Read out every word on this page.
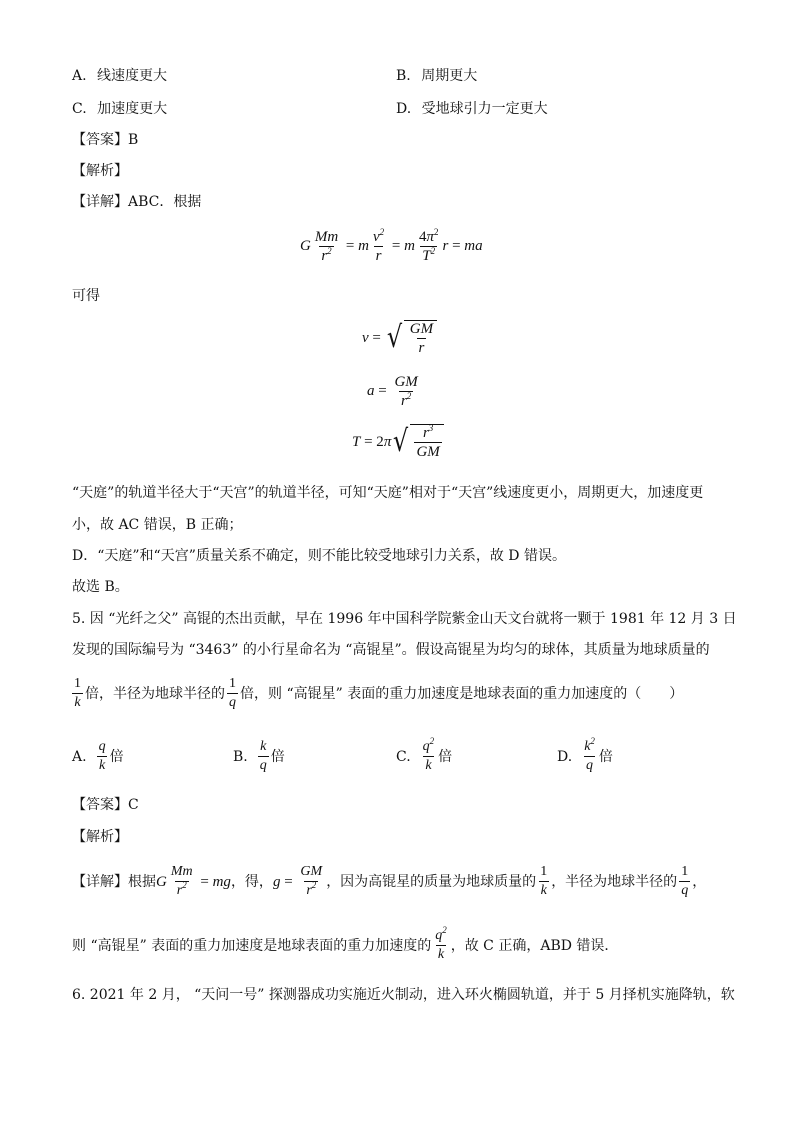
A. 线速度更大	B. 周期更大
C. 加速度更大	D. 受地球引力一定更大
【答案】B
【解析】
【详解】ABC．根据
G $\frac{Mm}{r^2} = m \frac{v^2}{r} = m \frac{4\pi^2}{T^2}$ r = ma
可得
v = √ $\frac{GM}{r}$
$a = \frac{GM}{r^2}$
T = 2 π √ $\frac{r^3}{GM}$
“天庭”的轨道半径大于“天宫”的轨道半径，可知“天庭”相对于“天宫”线速度更小，周期更大，加速度更
小，故 AC 错误，B 正确；
D．“天庭”和“天宫”质量关系不确定，则不能比较受地球引力关系，故 D 错误。
故选 B。
5. 因 “光纤之父” 高锟的杰出贡献，早在 1996 年中国科学院紫金山天文台就将一颗于 1981 年 12 月 3 日
发现的国际编号为 “3463” 的小行星命名为 “高锟星”。假设高锟星为均匀的球体，其质量为地球质量的
$\frac{1}{k}$ 倍，半径为地球半径的 $\frac{1}{q}$ 倍，则 “高锟星” 表面的重力加速度是地球表面的重力加速度的（　　）
A. $\frac{q}{k}$ 倍	B. $\frac{k}{q}$ 倍	C. $\frac{q^2}{k}$ 倍	D. $\frac{k^2}{q}$ 倍
【答案】C
【解析】
【详解】根据 G $\frac{Mm}{r^2}$ = mg ，得， $g = \frac{GM}{r^2}$ ，因为高锟星的质量为地球质量的 $\frac{1}{k}$ ，半径为地球半径的 $\frac{1}{q}$ ，
则 “高锟星” 表面的重力加速度是地球表面的重力加速度的 $\frac{q^2}{k}$ ，故 C 正确，ABD 错误．
6. 2021 年 2 月， “天问一号” 探测器成功实施近火制动，进入环火椭圆轨道，并于 5 月择机实施降轨，软
